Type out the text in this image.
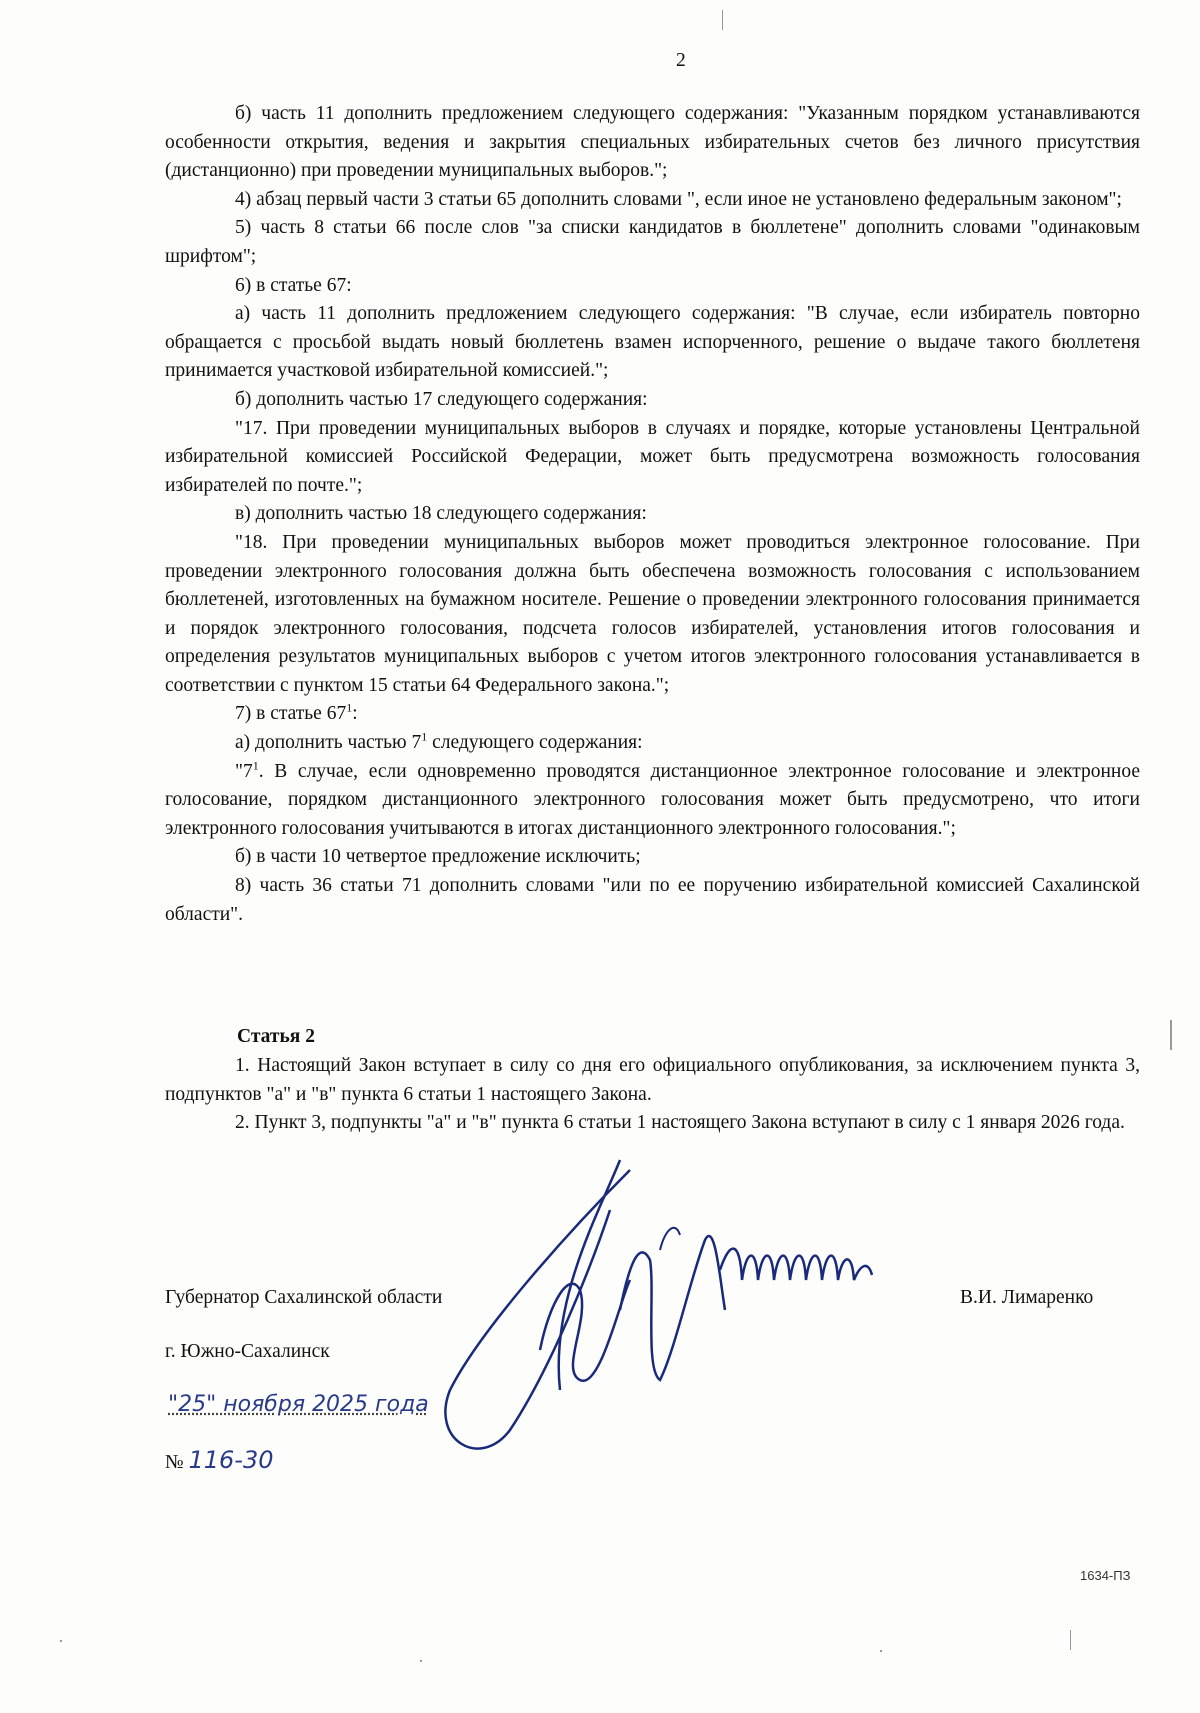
2

б) часть 11 дополнить предложением следующего содержания: "Указанным порядком устанавливаются особенности открытия, ведения и закрытия специальных избирательных счетов без личного присутствия (дистанционно) при проведении муниципальных выборов.";

4) абзац первый части 3 статьи 65 дополнить словами ", если иное не установлено федеральным законом";

5) часть 8 статьи 66 после слов "за списки кандидатов в бюллетене" дополнить словами "одинаковым шрифтом";

6) в статье 67:

а) часть 11 дополнить предложением следующего содержания: "В случае, если избиратель повторно обращается с просьбой выдать новый бюллетень взамен испорченного, решение о выдаче такого бюллетеня принимается участковой избирательной комиссией.";

б) дополнить частью 17 следующего содержания:

"17. При проведении муниципальных выборов в случаях и порядке, которые установлены Центральной избирательной комиссией Российской Федерации, может быть предусмотрена возможность голосования избирателей по почте.";

в) дополнить частью 18 следующего содержания:

"18. При проведении муниципальных выборов может проводиться электронное голосование. При проведении электронного голосования должна быть обеспечена возможность голосования с использованием бюллетеней, изготовленных на бумажном носителе. Решение о проведении электронного голосования принимается и порядок электронного голосования, подсчета голосов избирателей, установления итогов голосования и определения результатов муниципальных выборов с учетом итогов электронного голосования устанавливается в соответствии с пунктом 15 статьи 64 Федерального закона.";

7) в статье $67^1$:

а) дополнить частью $7^1$ следующего содержания:

"$7^1$. В случае, если одновременно проводятся дистанционное электронное голосование и электронное голосование, порядком дистанционного электронного голосования может быть предусмотрено, что итоги электронного голосования учитываются в итогах дистанционного электронного голосования.";

б) в части 10 четвертое предложение исключить;

8) часть 36 статьи 71 дополнить словами "или по ее поручению избирательной комиссией Сахалинской области".

Статья 2

1. Настоящий Закон вступает в силу со дня его официального опубликования, за исключением пункта 3, подпунктов "а" и "в" пункта 6 статьи 1 настоящего Закона.

2. Пункт 3, подпункты "а" и "в" пункта 6 статьи 1 настоящего Закона вступают в силу с 1 января 2026 года.

Губернатор Сахалинской области	В.И. Лимаренко
г. Южно-Сахалинск
"25" ноября 2025 года
№ 116-30
1634-ПЗ
